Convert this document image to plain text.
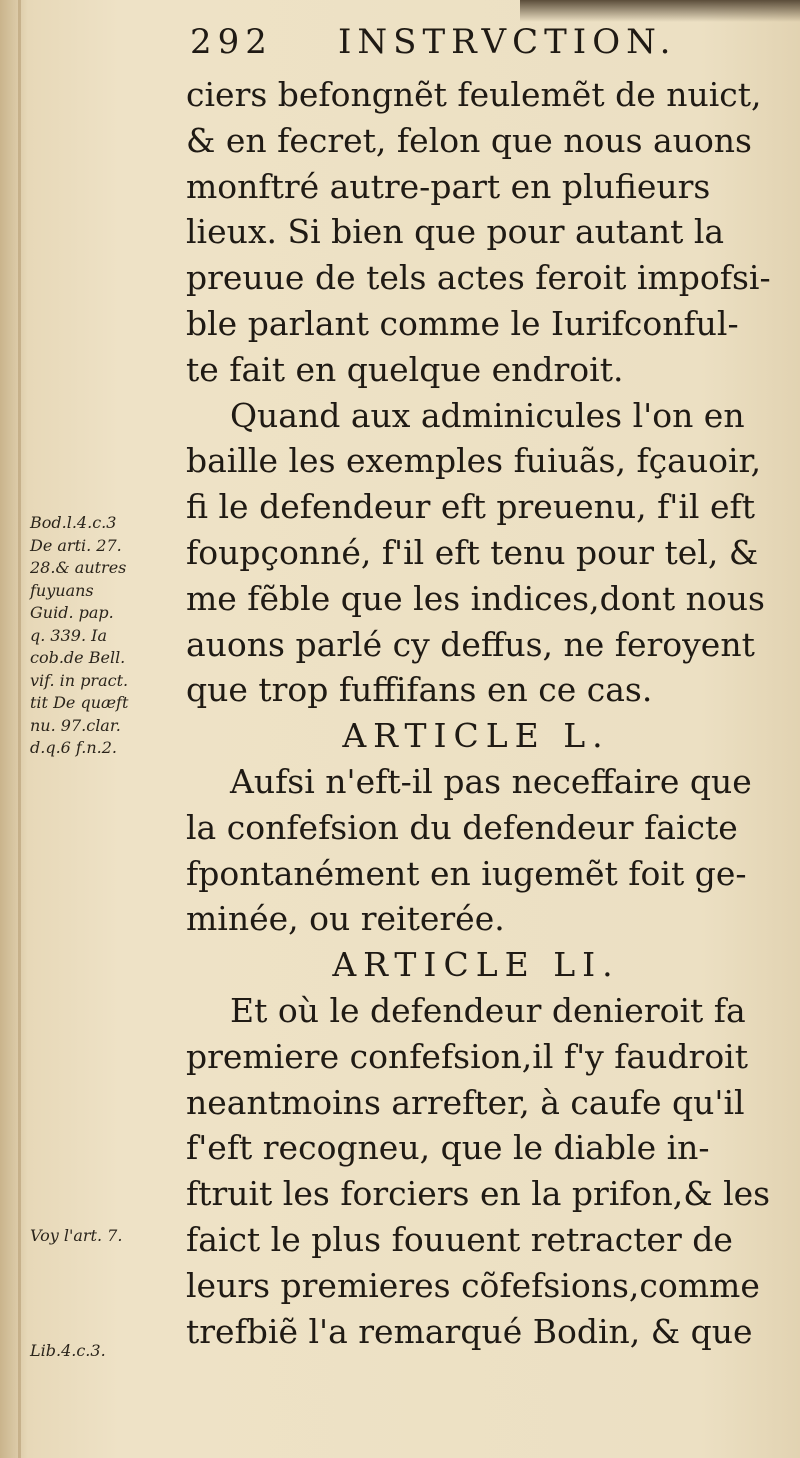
292 INSTRVCTION.
ciers befongnẽt feulemẽt de nuict,
& en fecret, felon que nous auons
monftré autre-part en plufieurs
lieux. Si bien que pour autant la
preuue de tels actes feroit impofsi-
ble parlant comme le Iurifconful-
te fait en quelque endroit.
Quand aux adminicules l'on en
baille les exemples fuiuãs, fçauoir,
fi le defendeur eft preuenu, f'il eft
foupçonné, f'il eft tenu pour tel, &
me fẽble que les indices,dont nous
auons parlé cy deffus, ne feroyent
que trop fuffifans en ce cas.
ARTICLE L.
Aufsi n'eft-il pas neceffaire que
la confefsion du defendeur faicte
fpontanément en iugemẽt foit ge-
minée, ou reiterée.
ARTICLE LI.
Et où le defendeur denieroit fa
premiere confefsion,il f'y faudroit
neantmoins arrefter, à caufe qu'il
f'eft recogneu, que le diable in-
ftruit les forciers en la prifon,& les
faict le plus fouuent retracter de
leurs premieres cõfefsions,comme
trefbiẽ l'a remarqué Bodin, & que
Bod.l.4.c.3
De arti. 27.
28.& autres
fuyuans
Guid. pap.
q. 339. Ia
cob.de Bell.
vif. in pract.
tit De quæft
nu. 97.clar.
d.q.6 f.n.2.
Voy l'art. 7.
Lib.4.c.3.
